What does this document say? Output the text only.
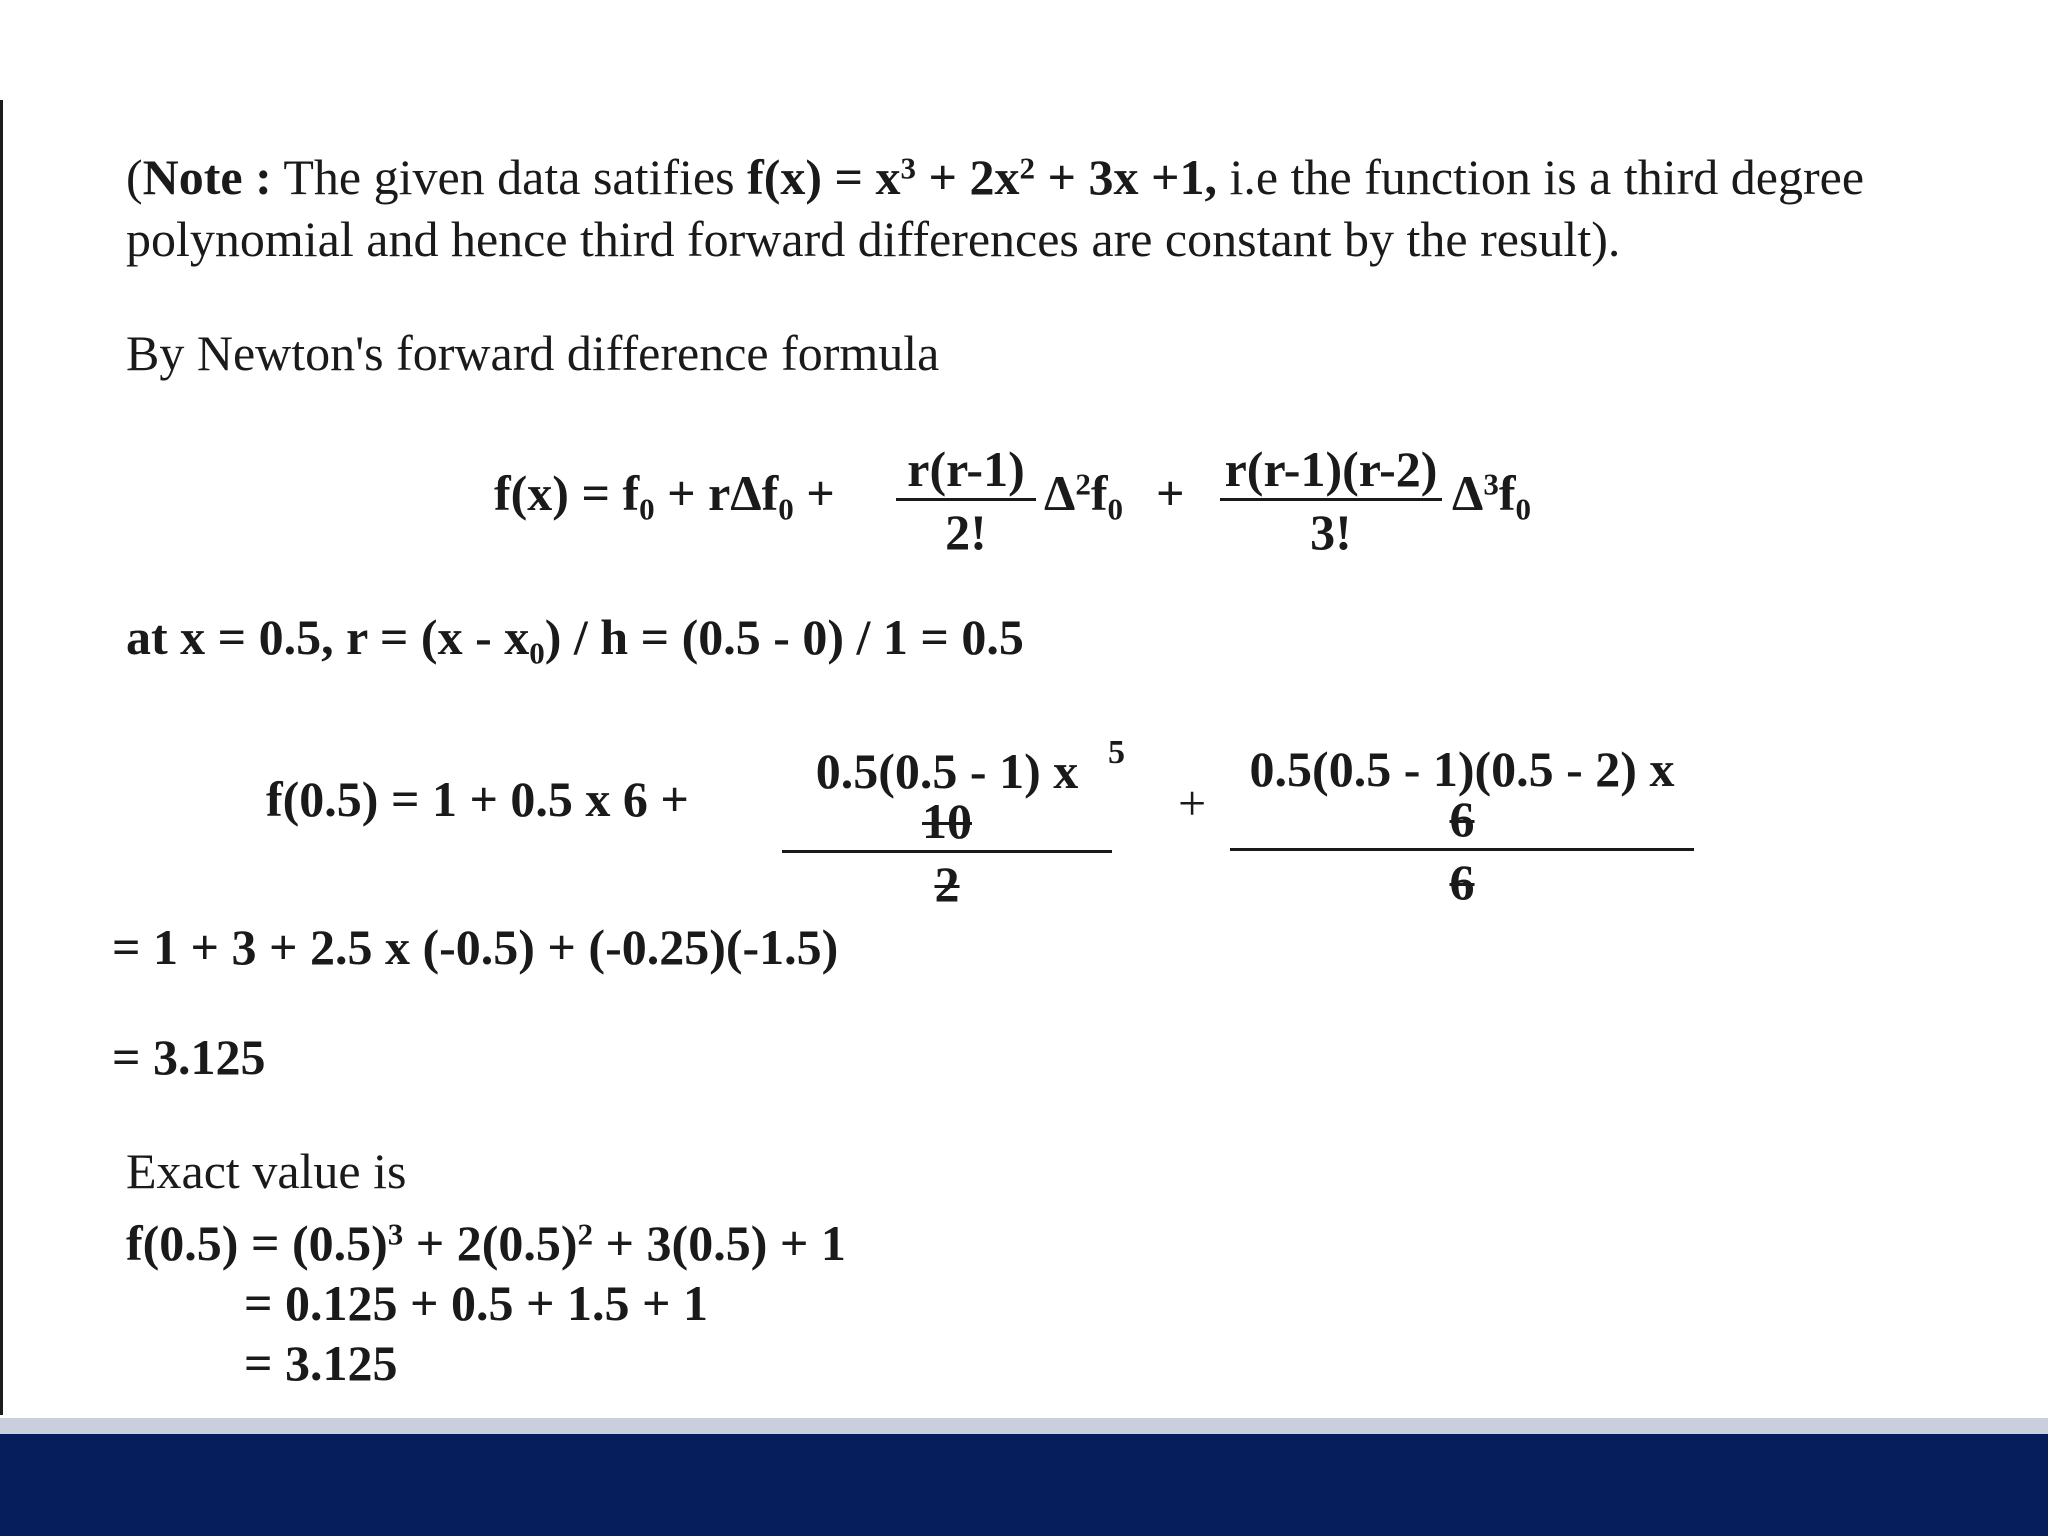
(Note : The given data satifies $f(x) = x^3 + 2x^2 + 3x +1$, i.e the function is a third degree
polynomial and hence third forward differences are constant by the result).
By Newton's forward difference formula
$f(x) = f_0 + r\Delta f_0 + \frac{r(r-1)}{2!} \Delta^2f_0 + \frac{r(r-1)(r-2)}{3!} \Delta^3f_0$
at x = 0.5, $r = (x - x_0) / h = (0.5 - 0) / 1 = 0.5$
f(0.5) = 1 + 0.5 x $6 + \frac{0.5(0.5 - 1) x 10}{2}$
5
+ $\frac{0.5(0.5 - 1)(0.5 - 2) x 6}{6}$
= 1 + 3 + 2.5 x (-0.5) + (-0.25)(-1.5)
= 3.125
Exact value is
$f(0.5) = (0.5)^3 + 2(0.5)^2 + 3(0.5) + 1$
= 0.125 + 0.5 + 1.5 + 1
= 3.125
